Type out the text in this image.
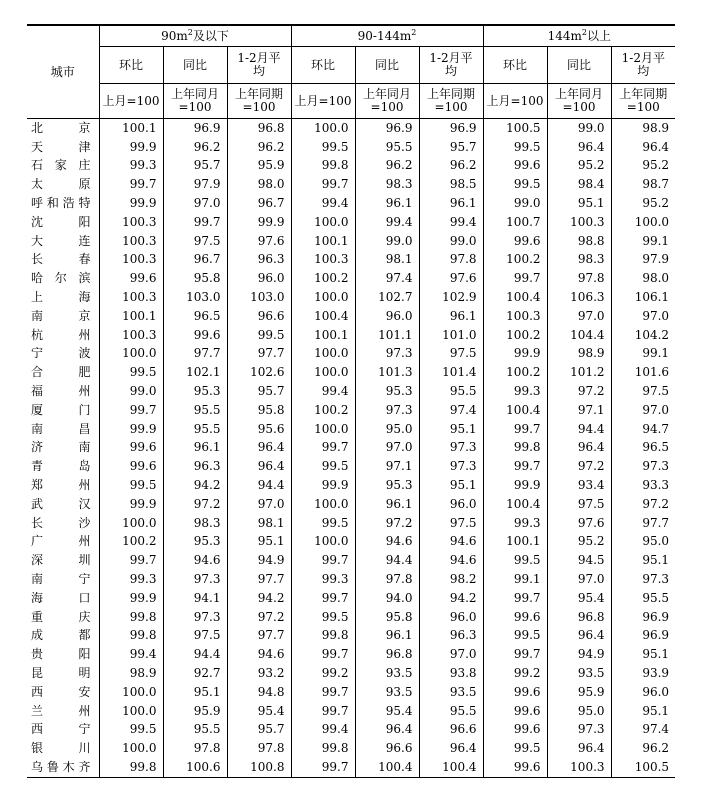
城市	$90m^2$及以下			$90-144m^2$			$144m^2$以上		
	环比	同比	1-2月平均	环比	同比	1-2月平均	环比	同比	1-2月平均
	上月=100	上年同月=100	上年同期=100	上月=100	上年同月=100	上年同期=100	上月=100	上年同月=100	上年同期=100
北京	100.1	96.9	96.8	100.0	96.9	96.9	100.5	99.0	98.9
天津	99.9	96.2	96.2	99.5	95.5	95.7	99.5	96.4	96.4
石家庄	99.3	95.7	95.9	99.8	96.2	96.2	99.6	95.2	95.2
太原	99.7	97.9	98.0	99.7	98.3	98.5	99.5	98.4	98.7
呼和浩特	99.9	97.0	96.7	99.4	96.1	96.1	99.0	95.1	95.2
沈阳	100.3	99.7	99.9	100.0	99.4	99.4	100.7	100.3	100.0
大连	100.3	97.5	97.6	100.1	99.0	99.0	99.6	98.8	99.1
长春	100.3	96.7	96.3	100.3	98.1	97.8	100.2	98.3	97.9
哈尔滨	99.6	95.8	96.0	100.2	97.4	97.6	99.7	97.8	98.0
上海	100.3	103.0	103.0	100.0	102.7	102.9	100.4	106.3	106.1
南京	100.1	96.5	96.6	100.4	96.0	96.1	100.3	97.0	97.0
杭州	100.3	99.6	99.5	100.1	101.1	101.0	100.2	104.4	104.2
宁波	100.0	97.7	97.7	100.0	97.3	97.5	99.9	98.9	99.1
合肥	99.5	102.1	102.6	100.0	101.3	101.4	100.2	101.2	101.6
福州	99.0	95.3	95.7	99.4	95.3	95.5	99.3	97.2	97.5
厦门	99.7	95.5	95.8	100.2	97.3	97.4	100.4	97.1	97.0
南昌	99.9	95.5	95.6	100.0	95.0	95.1	99.7	94.4	94.7
济南	99.6	96.1	96.4	99.7	97.0	97.3	99.8	96.4	96.5
青岛	99.6	96.3	96.4	99.5	97.1	97.3	99.7	97.2	97.3
郑州	99.5	94.2	94.4	99.9	95.3	95.1	99.9	93.4	93.3
武汉	99.9	97.2	97.0	100.0	96.1	96.0	100.4	97.5	97.2
长沙	100.0	98.3	98.1	99.5	97.2	97.5	99.3	97.6	97.7
广州	100.2	95.3	95.1	100.0	94.6	94.6	100.1	95.2	95.0
深圳	99.7	94.6	94.9	99.7	94.4	94.6	99.5	94.5	95.1
南宁	99.3	97.3	97.7	99.3	97.8	98.2	99.1	97.0	97.3
海口	99.9	94.1	94.2	99.7	94.0	94.2	99.7	95.4	95.5
重庆	99.8	97.3	97.2	99.5	95.8	96.0	99.6	96.8	96.9
成都	99.8	97.5	97.7	99.8	96.1	96.3	99.5	96.4	96.9
贵阳	99.4	94.4	94.6	99.7	96.8	97.0	99.7	94.9	95.1
昆明	98.9	92.7	93.2	99.2	93.5	93.8	99.2	93.5	93.9
西安	100.0	95.1	94.8	99.7	93.5	93.5	99.6	95.9	96.0
兰州	100.0	95.9	95.4	99.7	95.4	95.5	99.6	95.0	95.1
西宁	99.5	95.5	95.7	99.4	96.4	96.6	99.6	97.3	97.4
银川	100.0	97.8	97.8	99.8	96.6	96.4	99.5	96.4	96.2
乌鲁木齐	99.8	100.6	100.8	99.7	100.4	100.4	99.6	100.3	100.5
